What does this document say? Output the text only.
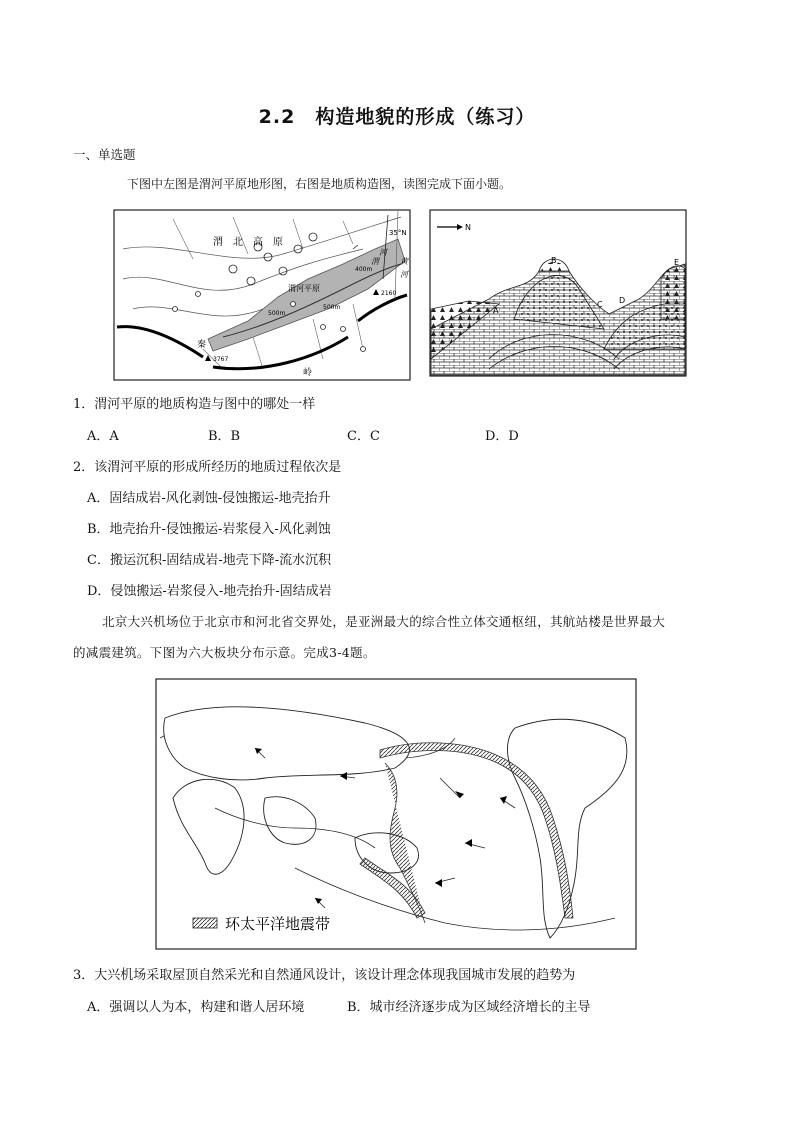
2.2　构造地貌的形成（练习）
一、单选题
下图中左图是渭河平原地形图，右图是地质构造图，读图完成下面小题。
35°N
渭　北　高　原
渭河平原
400m
500m
500m
渭
河
黄
河
秦
岭
3767
2160
N
A
B
C D
E
1．渭河平原的地质构造与图中的哪处一样
A．A	B．B	C．C	D．D
2．该渭河平原的形成所经历的地质过程依次是
A．固结成岩-风化剥蚀-侵蚀搬运-地壳抬升
B．地壳抬升-侵蚀搬运-岩浆侵入-风化剥蚀
C．搬运沉积-固结成岩-地壳下降-流水沉积
D．侵蚀搬运-岩浆侵入-地壳抬升-固结成岩
北京大兴机场位于北京市和河北省交界处，是亚洲最大的综合性立体交通枢纽，其航站楼是世界最大
的减震建筑。下图为六大板块分布示意。完成3-4题。
环太平洋地震带
3．大兴机场采取屋顶自然采光和自然通风设计，该设计理念体现我国城市发展的趋势为
A．强调以人为本，构建和谐人居环境	B．城市经济逐步成为区域经济增长的主导
